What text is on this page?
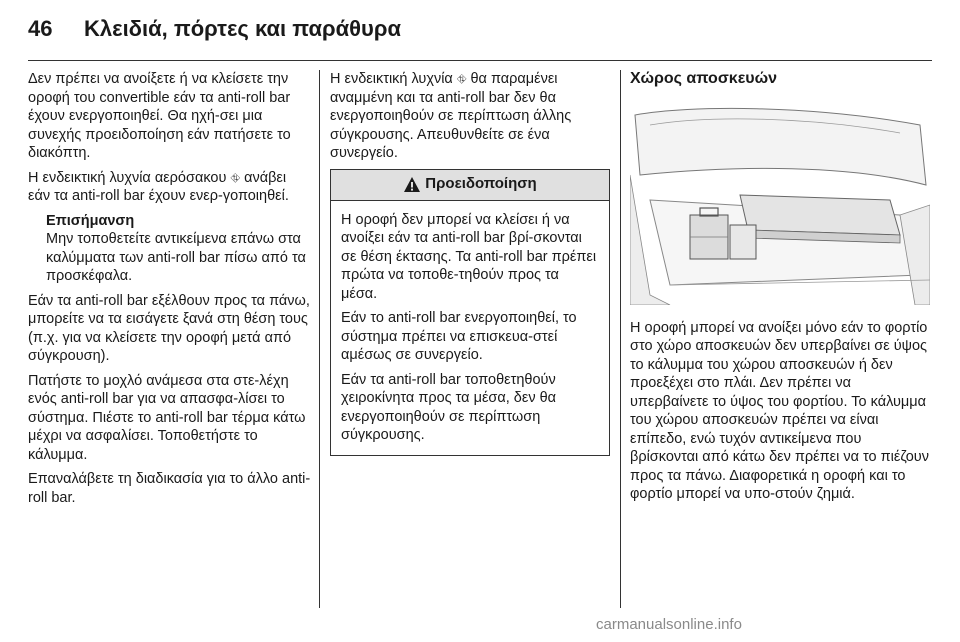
46	Κλειδιά, πόρτες και παράθυρα

Δεν πρέπει να ανοίξετε ή να κλείσετε την οροφή του convertible εάν τα anti-roll bar έχουν ενεργοποιηθεί. Θα ηχή-σει μια συνεχής προειδοποίηση εάν πατήσετε το διακόπτη.

Η ενδεικτική λυχνία αερόσακου ⛗ ανάβει εάν τα anti-roll bar έχουν ενερ-γοποιηθεί.

Επισήμανση
Μην τοποθετείτε αντικείμενα επάνω στα καλύμματα των anti-roll bar πίσω από τα προσκέφαλα.

Εάν τα anti-roll bar εξέλθουν προς τα πάνω, μπορείτε να τα εισάγετε ξανά στη θέση τους (π.χ. για να κλείσετε την οροφή μετά από σύγκρουση).

Πατήστε το μοχλό ανάμεσα στα στε-λέχη ενός anti-roll bar για να απασφα-λίσει το σύστημα. Πιέστε το anti-roll bar τέρμα κάτω μέχρι να ασφαλίσει. Τοποθετήστε το κάλυμμα.

Επαναλάβετε τη διαδικασία για το άλλο anti-roll bar.

Η ενδεικτική λυχνία ⛗ θα παραμένει αναμμένη και τα anti-roll bar δεν θα ενεργοποιηθούν σε περίπτωση άλλης σύγκρουσης. Απευθυνθείτε σε ένα συνεργείο.

Προειδοποίηση

Η οροφή δεν μπορεί να κλείσει ή να ανοίξει εάν τα anti-roll bar βρί-σκονται σε θέση έκτασης. Τα anti-roll bar πρέπει πρώτα να τοποθε-τηθούν προς τα μέσα.

Εάν το anti-roll bar ενεργοποιηθεί, το σύστημα πρέπει να επισκευα-στεί αμέσως σε συνεργείο.

Εάν τα anti-roll bar τοποθετηθούν χειροκίνητα προς τα μέσα, δεν θα ενεργοποιηθούν σε περίπτωση σύγκρουσης.

Χώρος αποσκευών

Η οροφή μπορεί να ανοίξει μόνο εάν το φορτίο στο χώρο αποσκευών δεν υπερβαίνει σε ύψος το κάλυμμα του χώρου αποσκευών ή δεν προεξέχει στο πλάι. Δεν πρέπει να υπερβαίνετε το ύψος του φορτίου. Το κάλυμμα του χώρου αποσκευών πρέπει να είναι επίπεδο, ενώ τυχόν αντικείμενα που βρίσκονται από κάτω δεν πρέπει να το πιέζουν προς τα πάνω. Διαφορετικά η οροφή και το φορτίο μπορεί να υπο-στούν ζημιά.

carmanualsonline.info
